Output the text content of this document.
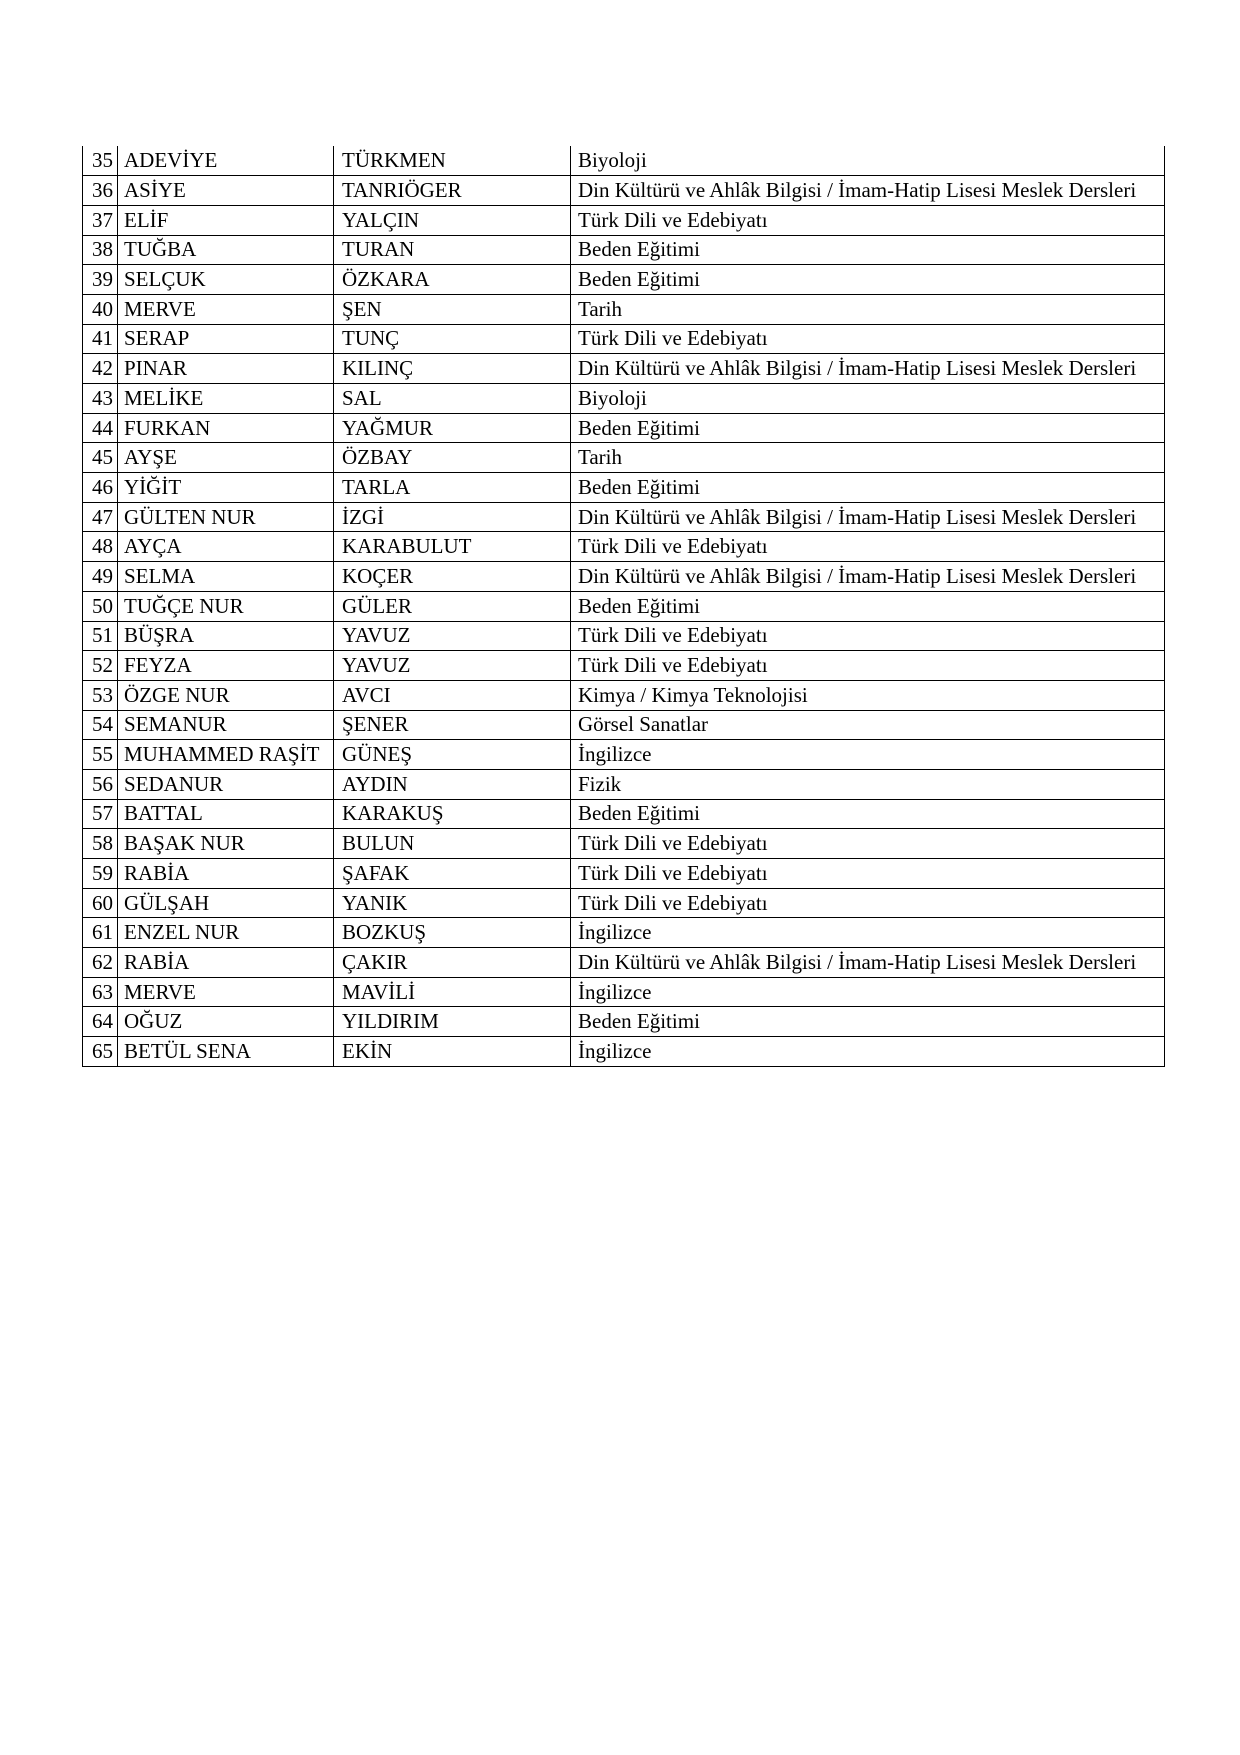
35	ADEVİYE	TÜRKMEN	Biyoloji
36	ASİYE	TANRIÖGER	Din Kültürü ve Ahlâk Bilgisi / İmam-Hatip Lisesi Meslek Dersleri
37	ELİF	YALÇIN	Türk Dili ve Edebiyatı
38	TUĞBA	TURAN	Beden Eğitimi
39	SELÇUK	ÖZKARA	Beden Eğitimi
40	MERVE	ŞEN	Tarih
41	SERAP	TUNÇ	Türk Dili ve Edebiyatı
42	PINAR	KILINÇ	Din Kültürü ve Ahlâk Bilgisi / İmam-Hatip Lisesi Meslek Dersleri
43	MELİKE	SAL	Biyoloji
44	FURKAN	YAĞMUR	Beden Eğitimi
45	AYŞE	ÖZBAY	Tarih
46	YİĞİT	TARLA	Beden Eğitimi
47	GÜLTEN NUR	İZGİ	Din Kültürü ve Ahlâk Bilgisi / İmam-Hatip Lisesi Meslek Dersleri
48	AYÇA	KARABULUT	Türk Dili ve Edebiyatı
49	SELMA	KOÇER	Din Kültürü ve Ahlâk Bilgisi / İmam-Hatip Lisesi Meslek Dersleri
50	TUĞÇE NUR	GÜLER	Beden Eğitimi
51	BÜŞRA	YAVUZ	Türk Dili ve Edebiyatı
52	FEYZA	YAVUZ	Türk Dili ve Edebiyatı
53	ÖZGE NUR	AVCI	Kimya / Kimya Teknolojisi
54	SEMANUR	ŞENER	Görsel Sanatlar
55	MUHAMMED RAŞİT	GÜNEŞ	İngilizce
56	SEDANUR	AYDIN	Fizik
57	BATTAL	KARAKUŞ	Beden Eğitimi
58	BAŞAK NUR	BULUN	Türk Dili ve Edebiyatı
59	RABİA	ŞAFAK	Türk Dili ve Edebiyatı
60	GÜLŞAH	YANIK	Türk Dili ve Edebiyatı
61	ENZEL NUR	BOZKUŞ	İngilizce
62	RABİA	ÇAKIR	Din Kültürü ve Ahlâk Bilgisi / İmam-Hatip Lisesi Meslek Dersleri
63	MERVE	MAVİLİ	İngilizce
64	OĞUZ	YILDIRIM	Beden Eğitimi
65	BETÜL SENA	EKİN	İngilizce
